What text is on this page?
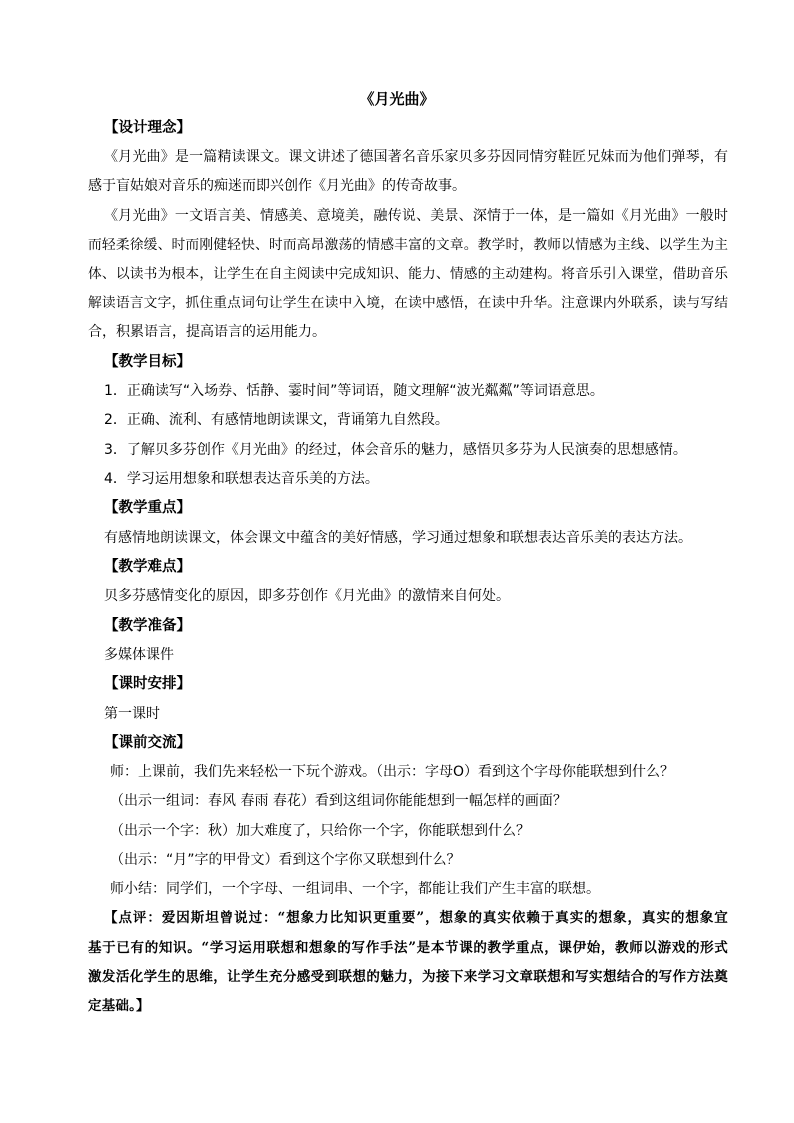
《月光曲》
【设计理念】
《月光曲》是一篇精读课文。课文讲述了德国著名音乐家贝多芬因同情穷鞋匠兄妹而为他们弹琴，有
感于盲姑娘对音乐的痴迷而即兴创作《月光曲》的传奇故事。
《月光曲》一文语言美、情感美、意境美，融传说、美景、深情于一体，是一篇如《月光曲》一般时
而轻柔徐缓、时而刚健轻快、时而高昂激荡的情感丰富的文章。教学时，教师以情感为主线、以学生为主
体、以读书为根本，让学生在自主阅读中完成知识、能力、情感的主动建构。将音乐引入课堂，借助音乐
解读语言文字，抓住重点词句让学生在读中入境，在读中感悟，在读中升华。注意课内外联系，读与写结
合，积累语言，提高语言的运用能力。
【教学目标】
1．正确读写“入场券、恬静、霎时间”等词语，随文理解“波光粼粼”等词语意思。
2．正确、流利、有感情地朗读课文，背诵第九自然段。
3．了解贝多芬创作《月光曲》的经过，体会音乐的魅力，感悟贝多芬为人民演奏的思想感情。
4．学习运用想象和联想表达音乐美的方法。
【教学重点】
有感情地朗读课文，体会课文中蕴含的美好情感，学习通过想象和联想表达音乐美的表达方法。
【教学难点】
贝多芬感情变化的原因，即多芬创作《月光曲》的激情来自何处。
【教学准备】
多媒体课件
【课时安排】
第一课时
【课前交流】
师：上课前，我们先来轻松一下玩个游戏。（出示：字母O）看到这个字母你能联想到什么？
（出示一组词：春风 春雨 春花）看到这组词你能能想到一幅怎样的画面？
（出示一个字：秋）加大难度了，只给你一个字，你能联想到什么？
（出示：“月”字的甲骨文）看到这个字你又联想到什么？
师小结：同学们，一个字母、一组词串、一个字，都能让我们产生丰富的联想。
【点评：爱因斯坦曾说过：“想象力比知识更重要”，想象的真实依赖于真实的想象，真实的想象宜
基于已有的知识。“学习运用联想和想象的写作手法”是本节课的教学重点，课伊始，教师以游戏的形式
激发活化学生的思维，让学生充分感受到联想的魅力，为接下来学习文章联想和写实想结合的写作方法奠
定基础。】
